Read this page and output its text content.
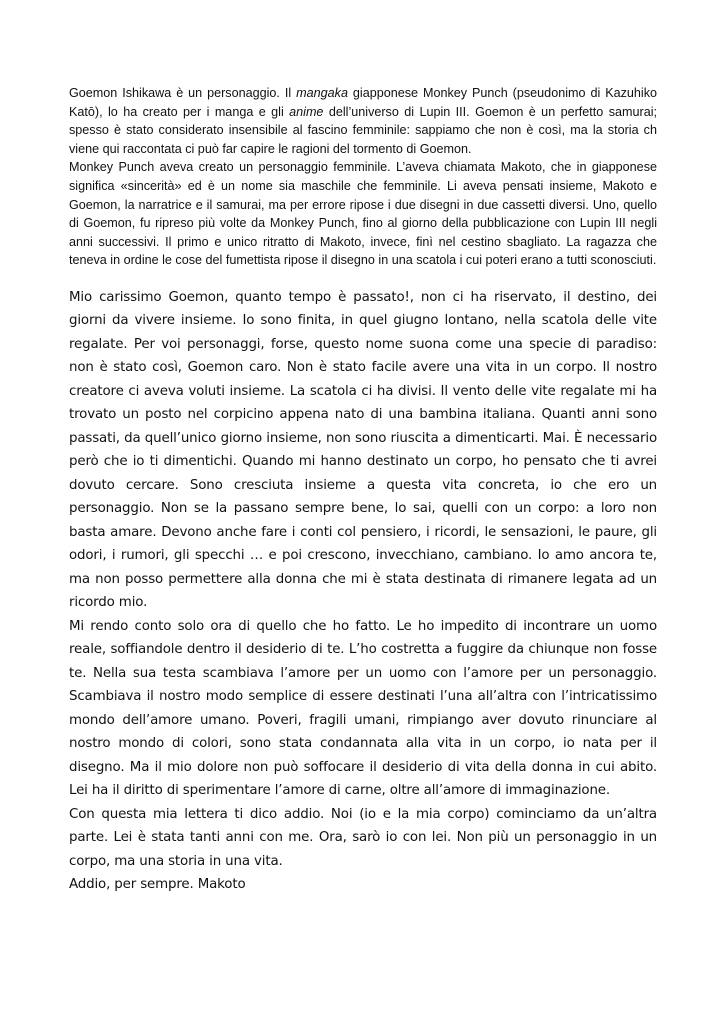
Goemon Ishikawa è un personaggio. Il mangaka giapponese Monkey Punch (pseudonimo di Kazuhiko Katō), lo ha creato per i manga e gli anime dell’universo di Lupin III. Goemon è un perfetto samurai; spesso è stato considerato insensibile al fascino femminile: sappiamo che non è così, ma la storia ch viene qui raccontata ci può far capire le ragioni del tormento di Goemon.

Monkey Punch aveva creato un personaggio femminile. L’aveva chiamata Makoto, che in giapponese significa «sincerità» ed è un nome sia maschile che femminile. Li aveva pensati insieme, Makoto e Goemon, la narratrice e il samurai, ma per errore ripose i due disegni in due cassetti diversi. Uno, quello di Goemon, fu ripreso più volte da Monkey Punch, fino al giorno della pubblicazione con Lupin III negli anni successivi. Il primo e unico ritratto di Makoto, invece, finì nel cestino sbagliato. La ragazza che teneva in ordine le cose del fumettista ripose il disegno in una scatola i cui poteri erano a tutti sconosciuti.

Mio carissimo Goemon, quanto tempo è passato!, non ci ha riservato, il destino, dei giorni da vivere insieme. Io sono finita, in quel giugno lontano, nella scatola delle vite regalate. Per voi personaggi, forse, questo nome suona come una specie di paradiso: non è stato così, Goemon caro. Non è stato facile avere una vita in un corpo. Il nostro creatore ci aveva voluti insieme. La scatola ci ha divisi. Il vento delle vite regalate mi ha trovato un posto nel corpicino appena nato di una bambina italiana. Quanti anni sono passati, da quell’unico giorno insieme, non sono riuscita a dimenticarti. Mai. È necessario però che io ti dimentichi. Quando mi hanno destinato un corpo, ho pensato che ti avrei dovuto cercare. Sono cresciuta insieme a questa vita concreta, io che ero un personaggio. Non se la passano sempre bene, lo sai, quelli con un corpo: a loro non basta amare. Devono anche fare i conti col pensiero, i ricordi, le sensazioni, le paure, gli odori, i rumori, gli specchi … e poi crescono, invecchiano, cambiano. Io amo ancora te, ma non posso permettere alla donna che mi è stata destinata di rimanere legata ad un ricordo mio.

Mi rendo conto solo ora di quello che ho fatto. Le ho impedito di incontrare un uomo reale, soffiandole dentro il desiderio di te. L’ho costretta a fuggire da chiunque non fosse te. Nella sua testa scambiava l’amore per un uomo con l’amore per un personaggio. Scambiava il nostro modo semplice di essere destinati l’una all’altra con l’intricatissimo mondo dell’amore umano. Poveri, fragili umani, rimpiango aver dovuto rinunciare al nostro mondo di colori, sono stata condannata alla vita in un corpo, io nata per il disegno. Ma il mio dolore non può soffocare il desiderio di vita della donna in cui abito. Lei ha il diritto di sperimentare l’amore di carne, oltre all’amore di immaginazione.

Con questa mia lettera ti dico addio. Noi (io e la mia corpo) cominciamo da un’altra parte. Lei è stata tanti anni con me. Ora, sarò io con lei. Non più un personaggio in un corpo, ma una storia in una vita.

Addio, per sempre. Makoto
